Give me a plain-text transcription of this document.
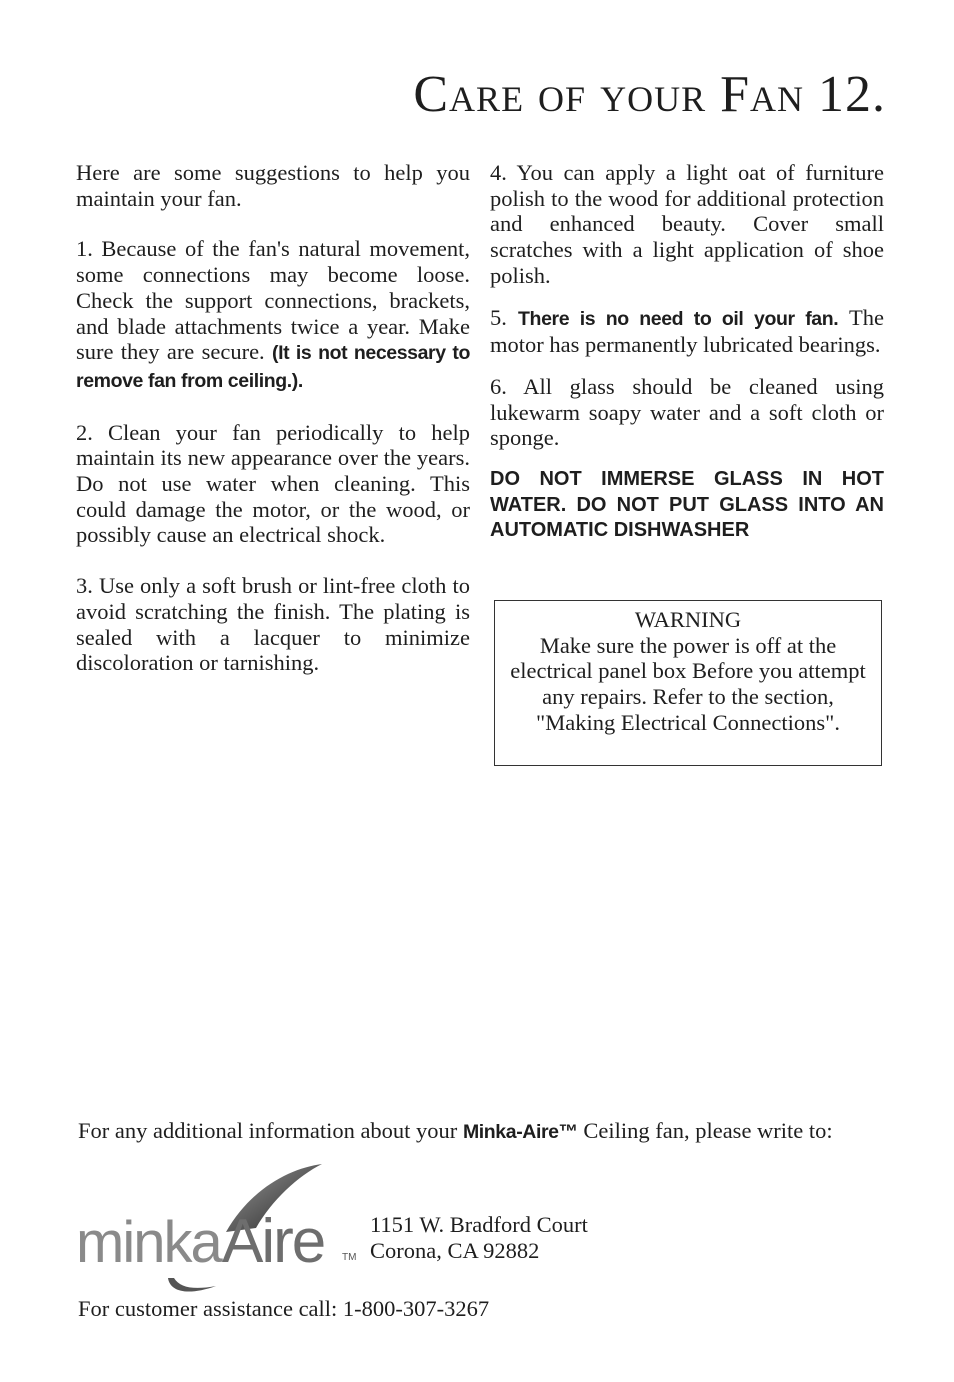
Care of your Fan 12.

Here are some suggestions to help you maintain your fan.

1. Because of the fan's natural movement, some connections may become loose. Check the support connections, brackets, and blade attachments twice a year. Make sure they are secure. (It is not necessary to remove fan from ceiling.).

2. Clean your fan periodically to help maintain its new appearance over the years. Do not use water when cleaning. This could damage the motor, or the wood, or possibly cause an electrical shock.

3. Use only a soft brush or lint-free cloth to avoid scratching the finish. The plating is sealed with a lacquer to minimize discoloration or tarnishing.

4. You can apply a light oat of furniture polish to the wood for additional protection and enhanced beauty. Cover small scratches with a light application of shoe polish.

5. There is no need to oil your fan. The motor has permanently lubricated bearings.

6. All glass should be cleaned using lukewarm soapy water and a soft cloth or sponge.

DO NOT IMMERSE GLASS IN HOT WATER. DO NOT PUT GLASS INTO AN AUTOMATIC DISHWASHER

WARNING
Make sure the power is off at the electrical panel box Before you attempt any repairs. Refer to the section, "Making Electrical Connections".
For any additional information about your Minka-Aire™ Ceiling fan, please write to:
minka Aire TM
1151 W. Bradford Court
Corona, CA 92882
For customer assistance call: 1-800-307-3267
